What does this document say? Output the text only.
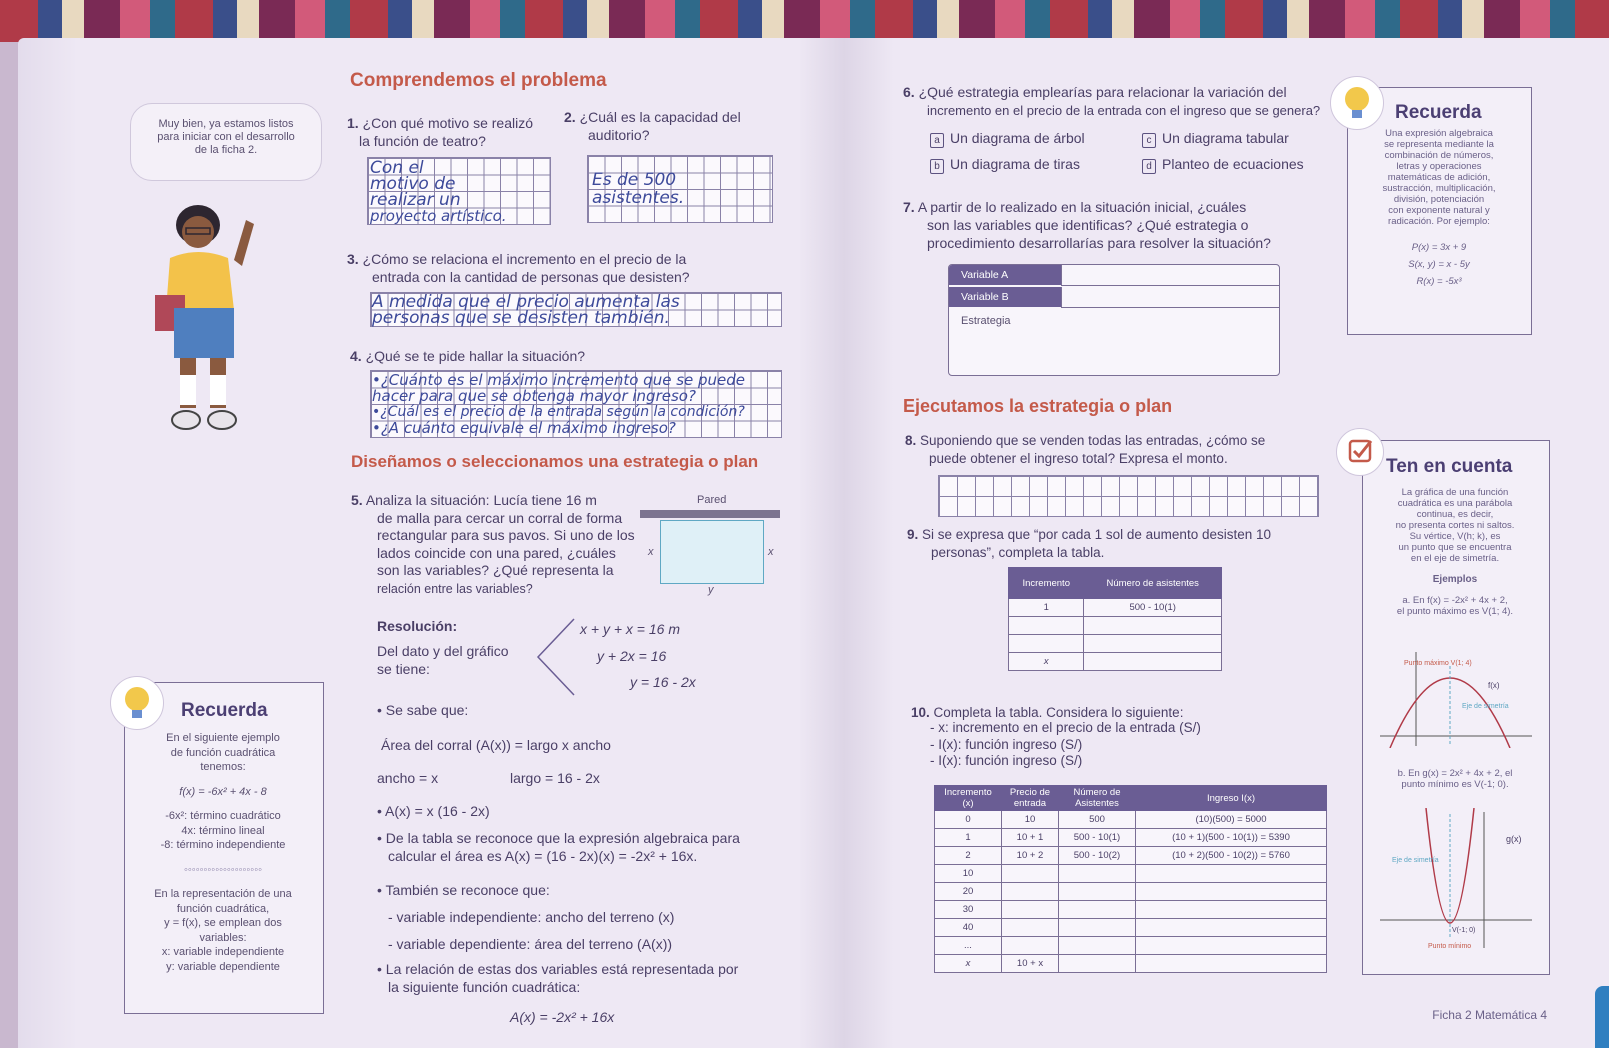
Comprendemos el problema
Muy bien, ya estamos listos
para iniciar con el desarrollo
de la ficha 2.
1. ¿Con qué motivo se realizó
la función de teatro?
Con el
motivo de
realizar un
proyecto artístico.
2. ¿Cuál es la capacidad del
auditorio?
Es de 500
asistentes.
3. ¿Cómo se relaciona el incremento en el precio de la
entrada con la cantidad de personas que desisten?
A medida que el precio aumenta las
personas que se desisten también.
4. ¿Qué se te pide hallar la situación?
•¿Cuánto es el máximo incremento que se puede
hacer para que se obtenga mayor ingreso?
•¿Cuál es el precio de la entrada según la condición?
•¿A cuánto equivale el máximo ingreso?
Diseñamos o seleccionamos una estrategia o plan
5. Analiza la situación: Lucía tiene 16 m
de malla para cercar un corral de forma
rectangular para sus pavos. Si uno de los
lados coincide con una pared, ¿cuáles
son las variables? ¿Qué representa la
relación entre las variables?
Pared
x	x
y
Resolución:
Del dato y del gráfico
se tiene:
x + y + x = 16 m
y + 2x = 16
y = 16 - 2x
• Se sabe que:
Área del corral (A(x)) = largo x ancho
ancho = x	largo = 16 - 2x
• A(x) = x (16 - 2x)
• De la tabla se reconoce que la expresión algebraica para
calcular el área es A(x) = (16 - 2x)(x) = -2x² + 16x.
• También se reconoce que:
- variable independiente: ancho del terreno (x)
- variable dependiente: área del terreno (A(x))
• La relación de estas dos variables está representada por
la siguiente función cuadrática:
A(x) = -2x² + 16x
Recuerda
En el siguiente ejemplo
de función cuadrática
tenemos:
f(x) = -6x² + 4x - 8
-6x²: término cuadrático
4x: término lineal
-8: término independiente
◦◦◦◦◦◦◦◦◦◦◦◦◦◦◦◦◦◦◦◦
En la representación de una
función cuadrática,
y = f(x), se emplean dos
variables:
x: variable independiente
y: variable dependiente
6. ¿Qué estrategia emplearías para relacionar la variación del
incremento en el precio de la entrada con el ingreso que se genera?
a Un diagrama de árbol	c Un diagrama tabular
b Un diagrama de tiras	d Planteo de ecuaciones
7. A partir de lo realizado en la situación inicial, ¿cuáles
son las variables que identificas? ¿Qué estrategia o
procedimiento desarrollarías para resolver la situación?
Variable A
Variable B
Estrategia
Recuerda
Una expresión algebraica
se representa mediante la
combinación de números,
letras y operaciones
matemáticas de adición,
sustracción, multiplicación,
división, potenciación
con exponente natural y
radicación. Por ejemplo:
P(x) = 3x + 9
S(x, y) = x - 5y
R(x) = -5x³
Ejecutamos la estrategia o plan
8. Suponiendo que se venden todas las entradas, ¿cómo se
puede obtener el ingreso total? Expresa el monto.
9. Si se expresa que “por cada 1 sol de aumento desisten 10
personas”, completa la tabla.
Incremento	Número de asistentes
1	500 - 10(1)

x	
10. Completa la tabla. Considera lo siguiente:
- x: incremento en el precio de la entrada (S/)
- I(x): función ingreso (S/)
- I(x): función ingreso (S/)
Incremento (x)	Precio de entrada	Número de Asistentes	Ingreso I(x)
0	10	500	(10)(500) = 5000
1	10 + 1	500 - 10(1)	(10 + 1)(500 - 10(1)) = 5390
2	10 + 2	500 - 10(2)	(10 + 2)(500 - 10(2)) = 5760
10			
20			
30			
40			
...			
x	10 + x		
Ten en cuenta
La gráfica de una función
cuadrática es una parábola
continua, es decir,
no presenta cortes ni saltos.
Su vértice, V(h; k), es
un punto que se encuentra
en el eje de simetría.
Ejemplos
a. En f(x) = -2x² + 4x + 2,
el punto máximo es V(1; 4).
Punto máximo V(1; 4)
f(x)
Eje de simetría
b. En g(x) = 2x² + 4x + 2, el
punto mínimo es V(-1; 0).
g(x)
Eje de simetría
V(-1; 0)
Punto mínimo
Ficha 2 Matemática 4
